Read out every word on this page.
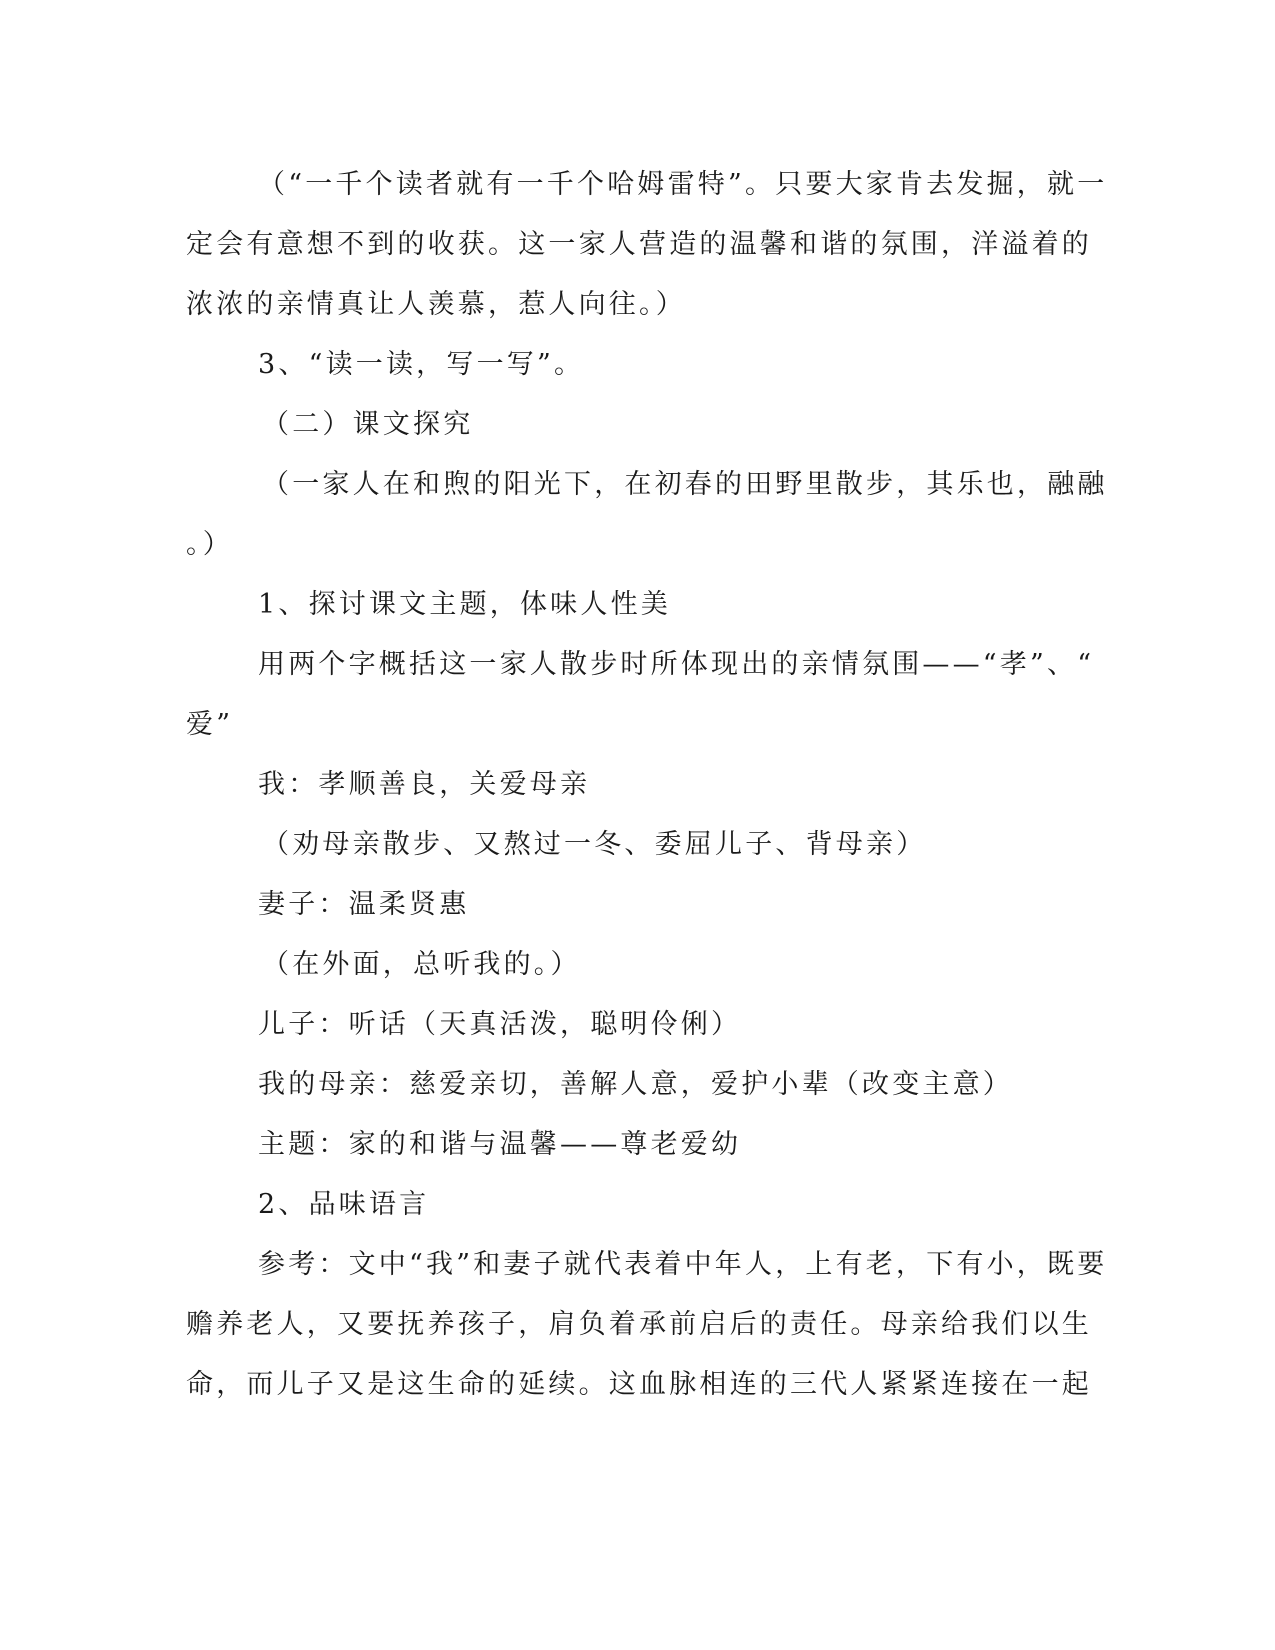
（“一千个读者就有一千个哈姆雷特”。只要大家肯去发掘，就一

定会有意想不到的收获。这一家人营造的温馨和谐的氛围，洋溢着的

浓浓的亲情真让人羡慕，惹人向往。）

3、“读一读，写一写”。

（二）课文探究

（一家人在和煦的阳光下，在初春的田野里散步，其乐也，融融

。）

1、探讨课文主题，体味人性美

用两个字概括这一家人散步时所体现出的亲情氛围——“孝”、“

爱”

我：孝顺善良，关爱母亲

（劝母亲散步、又熬过一冬、委屈儿子、背母亲）

妻子：温柔贤惠

（在外面，总听我的。）

儿子：听话（天真活泼，聪明伶俐）

我的母亲：慈爱亲切，善解人意，爱护小辈（改变主意）

主题：家的和谐与温馨——尊老爱幼

2、品味语言

参考：文中“我”和妻子就代表着中年人，上有老，下有小，既要

赡养老人，又要抚养孩子，肩负着承前启后的责任。母亲给我们以生

命，而儿子又是这生命的延续。这血脉相连的三代人紧紧连接在一起
